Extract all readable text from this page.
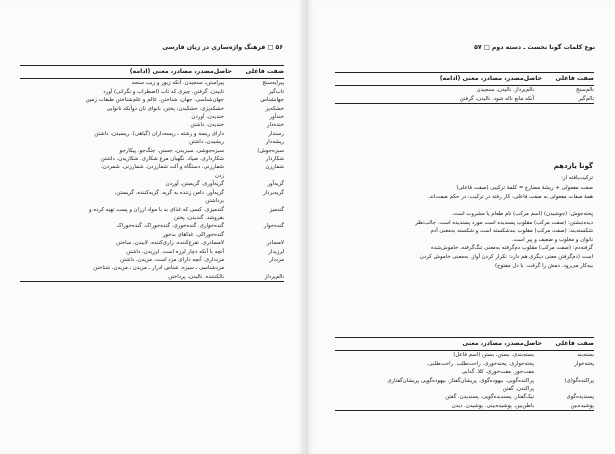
۵۶ □ فرهنگ واژه‌سازی در زبان فارسی
صفت فاعلی	حاصل‌مصدر، مصادر، معنی (ادامه)
پیرایه‌سنج	پیراستن، سنجیدن. آنکه زیور و زیب سنجد

تاب‌گیر	تابیدن، گرفتن. چیزی که تاب (اضطراب و نگرانی) آورد

جهانشناس	جهان‌شناسی. جهان، شناختن. عالم و علم‌شناختن طبقات زمین

خشکه‌پز	خشکه‌پزی. خشکیدن، پختن. نانوای نان دوآتکه نانوایی

خندآور	خندیدن، آوردن

خنده‌دار	خندیدن، داشتن

رسندار	دارای ریسه و رشته ـ ریسه‌داران (گیاهی). ریسیدن، داشتن

ریشه‌دار	ریشیدن، داشتن

سبزه‌جوش)	سبزه‌جوشی. سبزیدن، جستن. جنگ‌جو. پیکارجو

شکاردار	شکارداری. صیاد. نگهبان مرغ شکاری. شکاریدن، داشتن

شمارزن	شمارزنی. دستگاه و آلت شمارزدن. شمارزنی. شمردن،
زدن

گریه‌آور	گریه‌آوری. گریستن، آوردن

گریه‌بردار	گریه‌آور. دامن زننده به گریه. گریه‌کننده. گریستن،
برداشتن

گندمیز	گندمیزی. کسی که غذای بد با مواد ارزان و پست تهیه کرده و
بفروشد. گندیدن، پختن

گنده‌خوار	گنده‌خواری. گنده‌خوری. گنده‌خوراک. گنده‌خوراک
گنده‌خوراکی. غذاهای بدخور

لامسادر	لامسادری. تفرع‌کننده. زاری‌کننده. لابیدن، ساختن

لرزیدار	آنچه با آنکه دچار لرزه است. لرزیدن، داشتن

مزددار	مزدداری. آنچه دارای مزد است. مزیدن، داشتن

	مزدشناسی ـ سیزه. شناس ادرار ـ مزیدن ـ مزیدن، شناختن

نالم‌پرداز	نالکنننده. نالیدن، پرداختن
نوع کلمات گونا نخست ـ دسته دوم □ ۵۷
صفت فاعلی	حاصل‌مصدر، مصادر، معنی (ادامه)
نالم‌سنج	نالم‌پرداز. نالیدن، سنجیدن

نالم‌گیر	آنکه مانع ناله شود. نالیدن، گرفتن
گونا یازدهم
ترکیب‌یافته از:
صفت مفعولی + ریشهٔ مضارع = کلمهٔ ترکیبی (صفت فاعلی)
همهٔ صفات مفعولی به صفت فاعلی، کار رفته در ترکیب، در حکم صفت‌اند.
پخته‌جوش: (جوشیدن) (اسم مرکب) نام طعام یا مشروب است.
دیده‌نبشتن: (صفت مرکب) مقلوب پسندیده است مورد پسندیده است. جالب‌نظر
شکسته‌بند: (صفت مرکب) مقلوب بندشکسته است و شکسته به‌معنی آدم
ناتوان و مغلوب و ضعیف و پیر است.
گرفته‌دم: (صفت مرکب) مقلوب دم‌گرفته به‌معنی تنگ‌گرفته، خاموش‌شده
است (دم‌گرفتن معنی دیگری هم دارد: تکرار کردن آواز. به‌معنی خاموش کردن
بیه‌کار می‌رود. دمش را گرفت. با دل مفتوح)
صفت فاعلی	حاصل‌مصدر، مصادر، معنی
بسته‌بند	بسته‌بندی. بستن، بستن (اسم فاعل)

پخته‌خوار	پخته‌خواری. پخته‌خوری. راحت‌طلب. راحت‌طلبی.

	مفت‌خور. مفت‌خوری. کلا. گدایی

پراکنده‌گو(ی)	پراکنده‌گویی. بیهوده‌گوی. پریشان‌گفتار. بیهوده‌گویی پریشان‌گفتاری
پراکندن. گفتن

پسندیده‌گوی	نیک‌گفتار. پسندیده‌گویی. پسندیدن. گفتن

پوشیده‌بین	باطن‌بین. پوشیده‌بینی. پوشیدن. دیدن
